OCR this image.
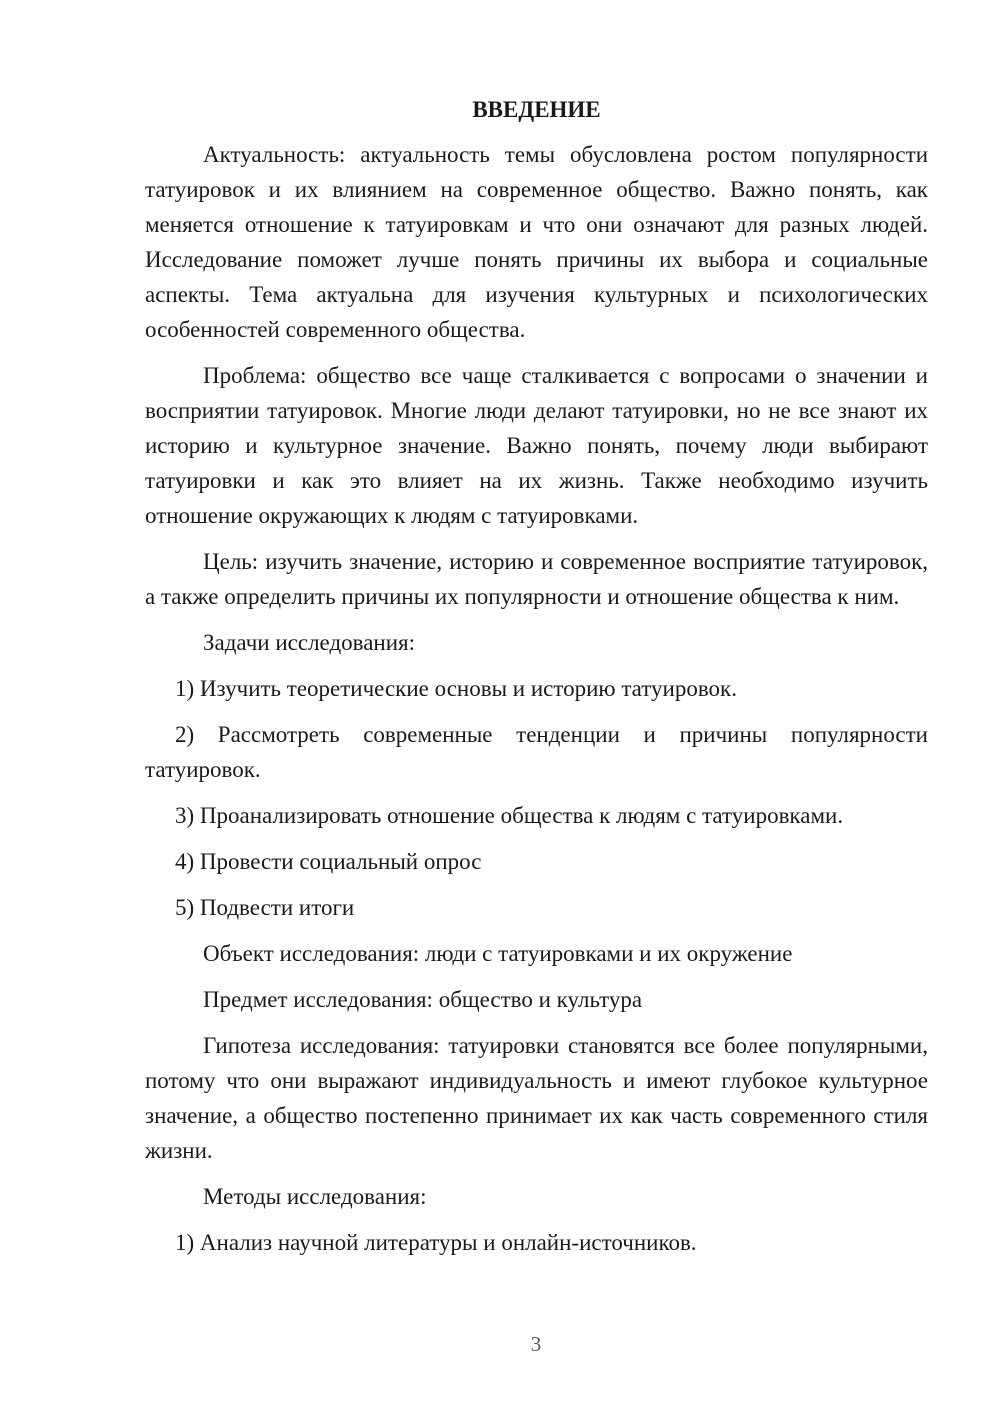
ВВЕДЕНИЕ

Актуальность: актуальность темы обусловлена ростом популярности татуировок и их влиянием на современное общество. Важно понять, как меняется отношение к татуировкам и что они означают для разных людей. Исследование поможет лучше понять причины их выбора и социальные аспекты. Тема актуальна для изучения культурных и психологических особенностей современного общества.

Проблема: общество все чаще сталкивается с вопросами о значении и восприятии татуировок. Многие люди делают татуировки, но не все знают их историю и культурное значение. Важно понять, почему люди выбирают татуировки и как это влияет на их жизнь. Также необходимо изучить отношение окружающих к людям с татуировками.

Цель: изучить значение, историю и современное восприятие татуировок, а также определить причины их популярности и отношение общества к ним.

Задачи исследования:

1) Изучить теоретические основы и историю татуировок.

2) Рассмотреть современные тенденции и причины популярности татуировок.

3) Проанализировать отношение общества к людям с татуировками.

4) Провести социальный опрос

5) Подвести итоги

Объект исследования: люди с татуировками и их окружение

Предмет исследования: общество и культура

Гипотеза исследования: татуировки становятся все более популярными, потому что они выражают индивидуальность и имеют глубокое культурное значение, а общество постепенно принимает их как часть современного стиля жизни.

Методы исследования:

1) Анализ научной литературы и онлайн-источников.

3
